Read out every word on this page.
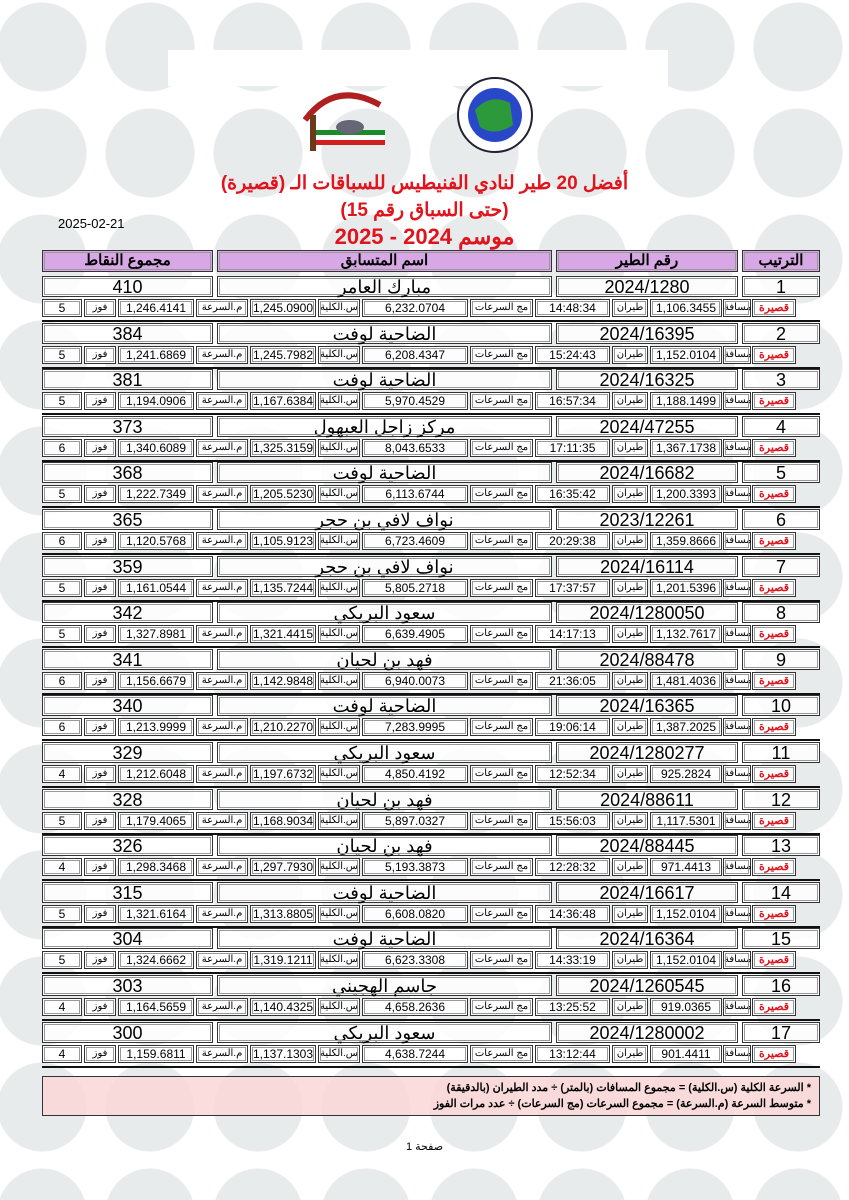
أفضل 20 طير لنادي الفنيطيس للسباقات الـ (قصيرة)
(حتى السباق رقم 15)
موسم 2024 - 2025
2025-02-21
الترتيب
رقم الطير
اسم المتسابق
مجموع النقاط
1
2024/1280
مبارك العامر
410
قصيرة
مسافة
1,106.3455
طيران
14:48:34
مج السرعات
6,232.0704
س.الكلية
1,245.0900
م.السرعة
1,246.4141
فوز
5
2
2024/16395
الضاحية لوفت
384
قصيرة
مسافة
1,152.0104
طيران
15:24:43
مج السرعات
6,208.4347
س.الكلية
1,245.7982
م.السرعة
1,241.6869
فوز
5
3
2024/16325
الضاحية لوفت
381
قصيرة
مسافة
1,188.1499
طيران
16:57:34
مج السرعات
5,970.4529
س.الكلية
1,167.6384
م.السرعة
1,194.0906
فوز
5
4
2024/47255
مركز زاجل العبهول
373
قصيرة
مسافة
1,367.1738
طيران
17:11:35
مج السرعات
8,043.6533
س.الكلية
1,325.3159
م.السرعة
1,340.6089
فوز
6
5
2024/16682
الضاحية لوفت
368
قصيرة
مسافة
1,200.3393
طيران
16:35:42
مج السرعات
6,113.6744
س.الكلية
1,205.5230
م.السرعة
1,222.7349
فوز
5
6
2023/12261
نواف لافي بن حجر
365
قصيرة
مسافة
1,359.8666
طيران
20:29:38
مج السرعات
6,723.4609
س.الكلية
1,105.9123
م.السرعة
1,120.5768
فوز
6
7
2024/16114
نواف لافي بن حجر
359
قصيرة
مسافة
1,201.5396
طيران
17:37:57
مج السرعات
5,805.2718
س.الكلية
1,135.7244
م.السرعة
1,161.0544
فوز
5
8
2024/1280050
سعود البريكي
342
قصيرة
مسافة
1,132.7617
طيران
14:17:13
مج السرعات
6,639.4905
س.الكلية
1,321.4415
م.السرعة
1,327.8981
فوز
5
9
2024/88478
فهد بن لحيان
341
قصيرة
مسافة
1,481.4036
طيران
21:36:05
مج السرعات
6,940.0073
س.الكلية
1,142.9848
م.السرعة
1,156.6679
فوز
6
10
2024/16365
الضاحية لوفت
340
قصيرة
مسافة
1,387.2025
طيران
19:06:14
مج السرعات
7,283.9995
س.الكلية
1,210.2270
م.السرعة
1,213.9999
فوز
6
11
2024/1280277
سعود البريكي
329
قصيرة
مسافة
925.2824
طيران
12:52:34
مج السرعات
4,850.4192
س.الكلية
1,197.6732
م.السرعة
1,212.6048
فوز
4
12
2024/88611
فهد بن لحيان
328
قصيرة
مسافة
1,117.5301
طيران
15:56:03
مج السرعات
5,897.0327
س.الكلية
1,168.9034
م.السرعة
1,179.4065
فوز
5
13
2024/88445
فهد بن لحيان
326
قصيرة
مسافة
971.4413
طيران
12:28:32
مج السرعات
5,193.3873
س.الكلية
1,297.7930
م.السرعة
1,298.3468
فوز
4
14
2024/16617
الضاحية لوفت
315
قصيرة
مسافة
1,152.0104
طيران
14:36:48
مج السرعات
6,608.0820
س.الكلية
1,313.8805
م.السرعة
1,321.6164
فوز
5
15
2024/16364
الضاحية لوفت
304
قصيرة
مسافة
1,152.0104
طيران
14:33:19
مج السرعات
6,623.3308
س.الكلية
1,319.1211
م.السرعة
1,324.6662
فوز
5
16
2024/1260545
جاسم الهجيني
303
قصيرة
مسافة
919.0365
طيران
13:25:52
مج السرعات
4,658.2636
س.الكلية
1,140.4325
م.السرعة
1,164.5659
فوز
4
17
2024/1280002
سعود البريكي
300
قصيرة
مسافة
901.4411
طيران
13:12:44
مج السرعات
4,638.7244
س.الكلية
1,137.1303
م.السرعة
1,159.6811
فوز
4
* السرعة الكلية (س.الكلية) = مجموع المسافات (بالمتر) ÷ مدد الطيران (بالدقيقة)
* متوسط السرعة (م.السرعة) = مجموع السرعات (مج السرعات) ÷ عدد مرات الفوز
صفحة 1
